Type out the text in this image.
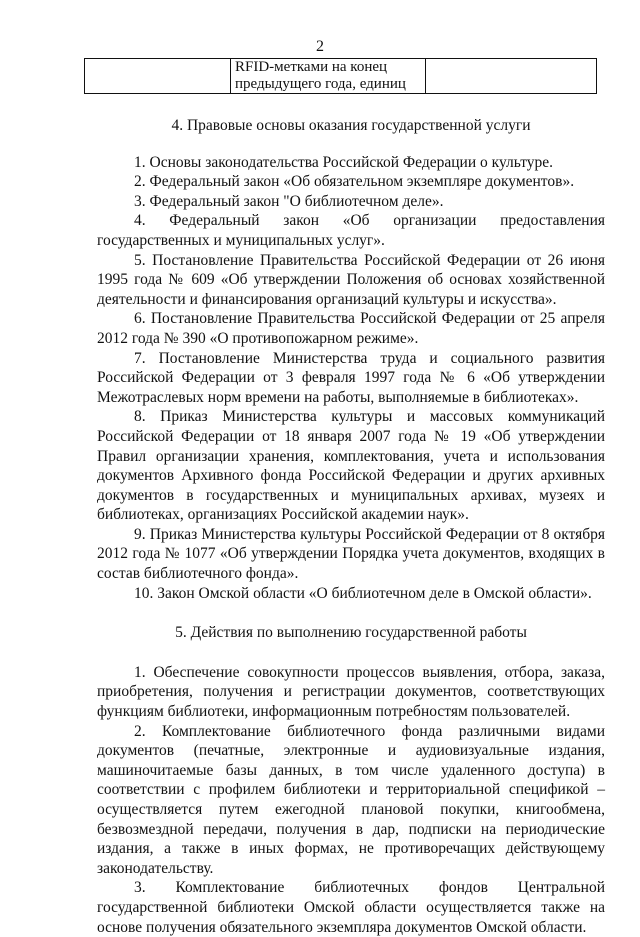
2
	RFID-метками на конец предыдущего года, единиц	
4. Правовые основы оказания государственной услуги

1. Основы законодательства Российской Федерации о культуре.

2. Федеральный закон «Об обязательном экземпляре документов».

3. Федеральный закон "О библиотечном деле».

4. Федеральный закон «Об организации предоставления государственных и муниципальных услуг».

5. Постановление Правительства Российской Федерации от 26 июня 1995 года № 609 «Об утверждении Положения об основах хозяйственной деятельности и финансирования организаций культуры и искусства».

6. Постановление Правительства Российской Федерации от 25 апреля 2012 года № 390 «О противопожарном режиме».

7. Постановление Министерства труда и социального развития Российской Федерации от 3 февраля 1997 года № 6 «Об утверждении Межотраслевых норм времени на работы, выполняемые в библиотеках».

8. Приказ Министерства культуры и массовых коммуникаций Российской Федерации от 18 января 2007 года № 19 «Об утверждении Правил организации хранения, комплектования, учета и использования документов Архивного фонда Российской Федерации и других архивных документов в государственных и муниципальных архивах, музеях и библиотеках, организациях Российской академии наук».

9. Приказ Министерства культуры Российской Федерации от 8 октября 2012 года № 1077 «Об утверждении Порядка учета документов, входящих в состав библиотечного фонда».

10. Закон Омской области «О библиотечном деле в Омской области».

5. Действия по выполнению государственной работы

1. Обеспечение совокупности процессов выявления, отбора, заказа, приобретения, получения и регистрации документов, соответствующих функциям библиотеки, информационным потребностям пользователей.

2. Комплектование библиотечного фонда различными видами документов (печатные, электронные и аудиовизуальные издания, машиночитаемые базы данных, в том числе удаленного доступа) в соответствии с профилем библиотеки и территориальной спецификой – осуществляется путем ежегодной плановой покупки, книгообмена, безвозмездной передачи, получения в дар, подписки на периодические издания, а также в иных формах, не противоречащих действующему законодательству.

3. Комплектование библиотечных фондов Центральной государственной библиотеки Омской области осуществляется также на основе получения обязательного экземпляра документов Омской области.
